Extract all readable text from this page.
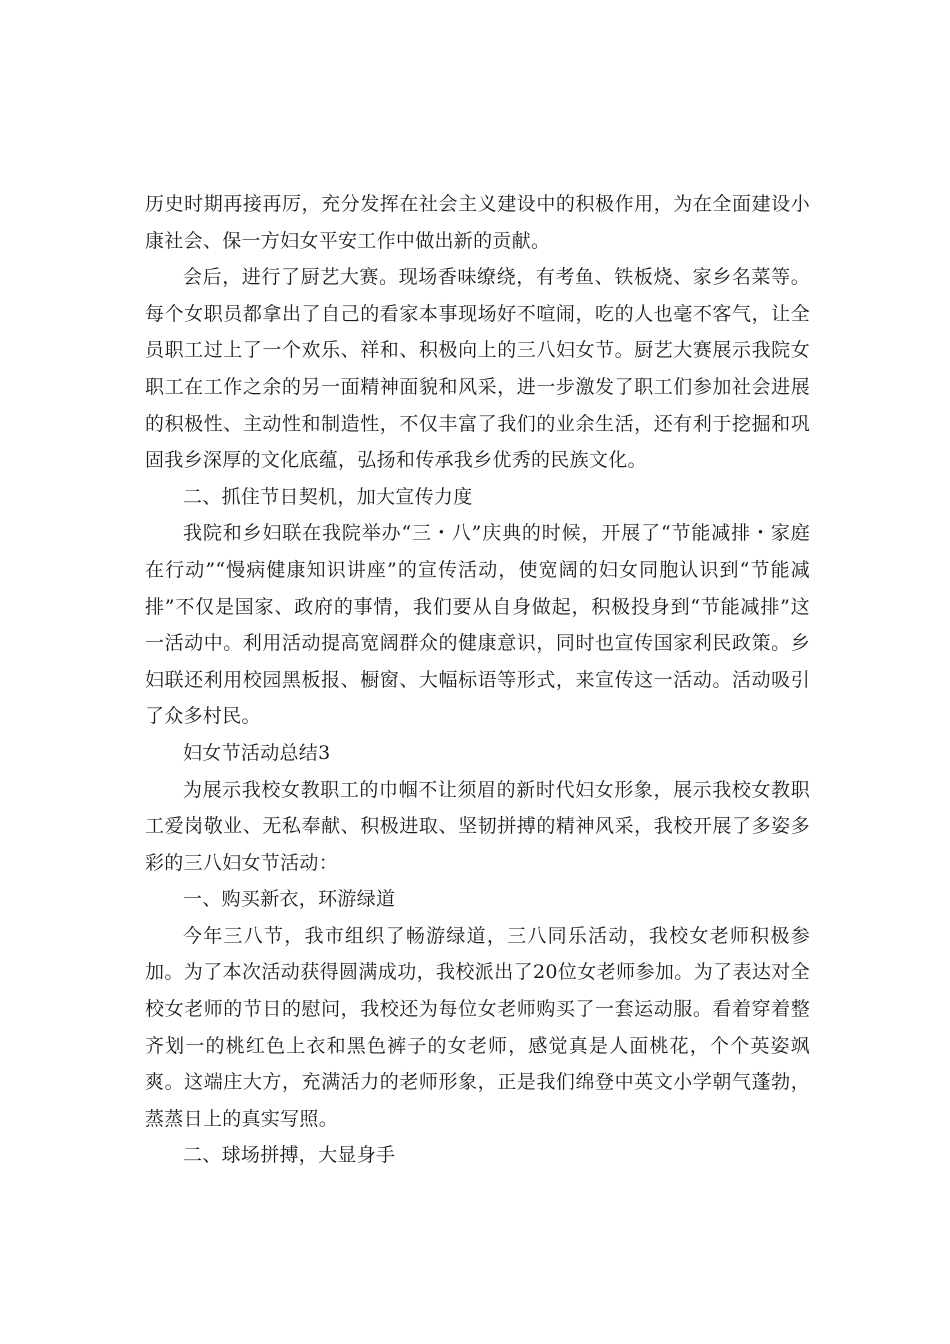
历史时期再接再厉，充分发挥在社会主义建设中的积极作用，为在全面建设小康社会、保一方妇女平安工作中做出新的贡献。

会后，进行了厨艺大赛。现场香味缭绕，有考鱼、铁板烧、家乡名菜等。每个女职员都拿出了自己的看家本事现场好不喧闹，吃的人也毫不客气，让全员职工过上了一个欢乐、祥和、积极向上的三八妇女节。厨艺大赛展示我院女职工在工作之余的另一面精神面貌和风采，进一步激发了职工们参加社会进展的积极性、主动性和制造性，不仅丰富了我们的业余生活，还有利于挖掘和巩固我乡深厚的文化底蕴，弘扬和传承我乡优秀的民族文化。

二、抓住节日契机，加大宣传力度

我院和乡妇联在我院举办“三・八”庆典的时候，开展了“节能减排・家庭在行动”“慢病健康知识讲座”的宣传活动，使宽阔的妇女同胞认识到“节能减排”不仅是国家、政府的事情，我们要从自身做起，积极投身到“节能减排”这一活动中。利用活动提高宽阔群众的健康意识，同时也宣传国家利民政策。乡妇联还利用校园黑板报、橱窗、大幅标语等形式，来宣传这一活动。活动吸引了众多村民。

妇女节活动总结3

为展示我校女教职工的巾帼不让须眉的新时代妇女形象，展示我校女教职工爱岗敬业、无私奉献、积极进取、坚韧拼搏的精神风采，我校开展了多姿多彩的三八妇女节活动：

一、购买新衣，环游绿道

今年三八节，我市组织了畅游绿道，三八同乐活动，我校女老师积极参加。为了本次活动获得圆满成功，我校派出了20位女老师参加。为了表达对全校女老师的节日的慰问，我校还为每位女老师购买了一套运动服。看着穿着整齐划一的桃红色上衣和黑色裤子的女老师，感觉真是人面桃花，个个英姿飒爽。这端庄大方，充满活力的老师形象，正是我们绵登中英文小学朝气蓬勃，蒸蒸日上的真实写照。

二、球场拼搏，大显身手
